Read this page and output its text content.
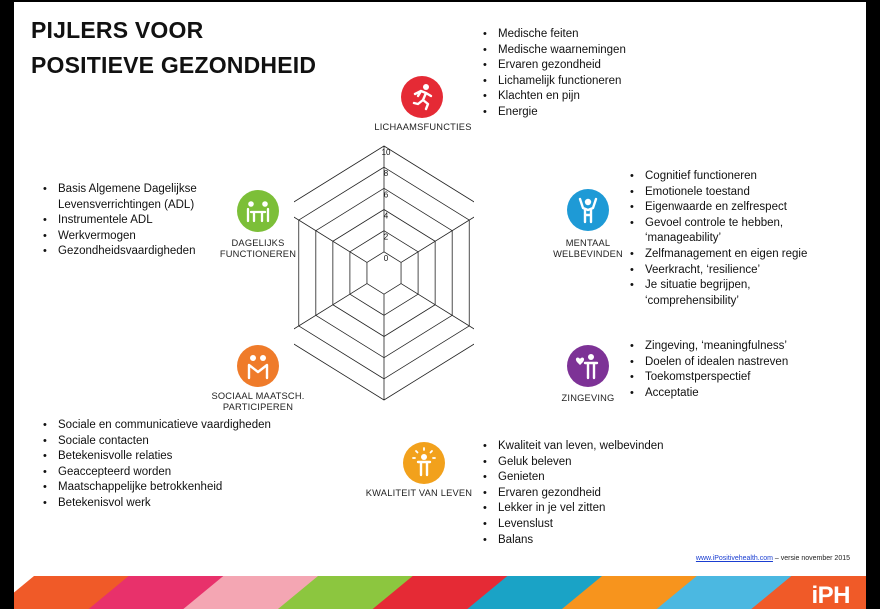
PIJLERS VOOR
POSITIEVE GEZONDHEID
0
2
4
6
8
10
LICHAAMSFUNCTIES
• Medische feiten
• Medische waarnemingen
• Ervaren gezondheid
• Lichamelijk functioneren
• Klachten en pijn
• Energie
MENTAAL
WELBEVINDEN
• Cognitief functioneren
• Emotionele toestand
• Eigenwaarde en zelfrespect
• Gevoel controle te hebben, ‘manageability’
• Zelfmanagement en eigen regie
• Veerkracht, ‘resilience’
• Je situatie begrijpen, ‘comprehensibility’
ZINGEVING
• Zingeving, ‘meaningfulness’
• Doelen of idealen nastreven
• Toekomstperspectief
• Acceptatie
KWALITEIT VAN LEVEN
• Kwaliteit van leven, welbevinden
• Geluk beleven
• Genieten
• Ervaren gezondheid
• Lekker in je vel zitten
• Levenslust
• Balans
SOCIAAL MAATSCH.
PARTICIPEREN
• Sociale en communicatieve vaardigheden
• Sociale contacten
• Betekenisvolle relaties
• Geaccepteerd worden
• Maatschappelijke betrokkenheid
• Betekenisvol werk
DAGELIJKS
FUNCTIONEREN
• Basis Algemene Dagelijkse Levensverrichtingen (ADL)
• Instrumentele ADL
• Werkvermogen
• Gezondheidsvaardigheden
www.iPositivehealth.com – versie november 2015
iPH
